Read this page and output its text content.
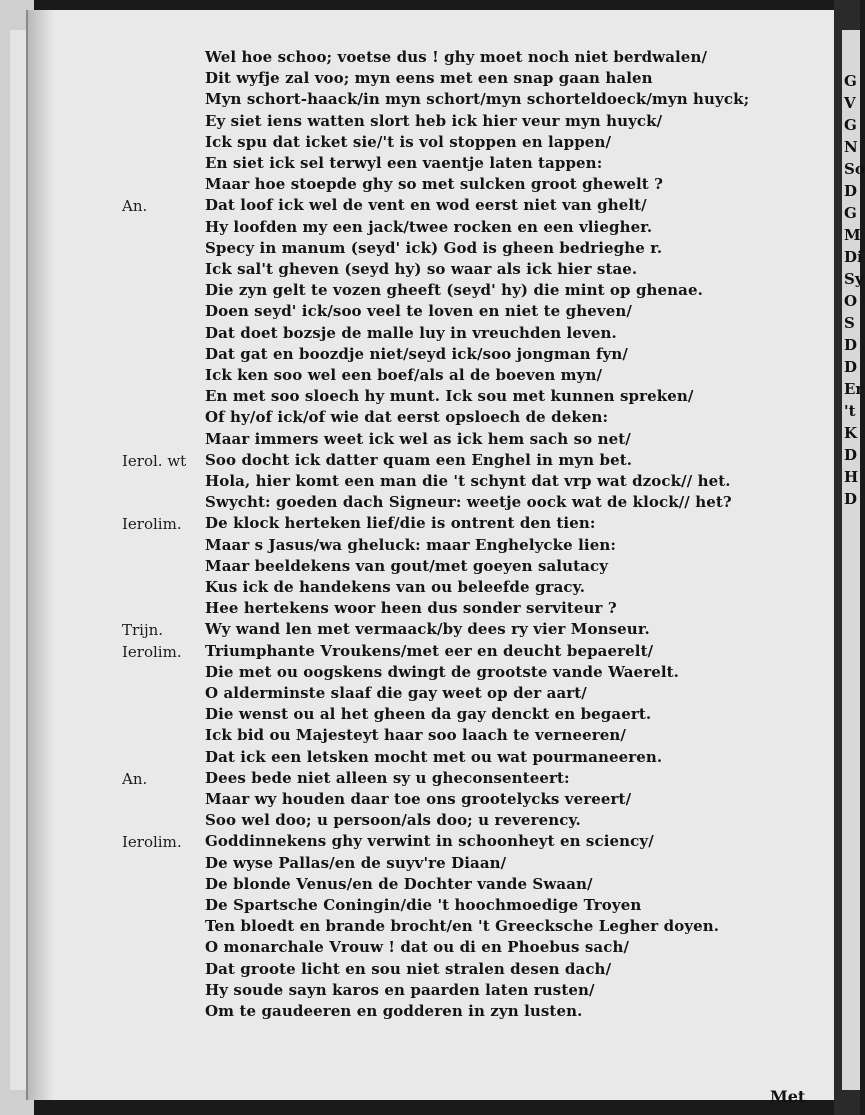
G
V
G
N
So
D
G
M
Di
Sy
O
S
D
D
Er
't
K
D
H
D
Wel hoe schoo; voetse dus ! ghy moet noch niet berdwalen/
Dit wyfje zal voo; myn eens met een snap gaan halen
Myn schort-haack/in myn schort/myn schorteldoeck/myn huyck;
Ey siet iens watten slort heb ick hier veur myn huyck/
Ick spu dat icket sie/'t is vol stoppen en lappen/
En siet ick sel terwyl een vaentje laten tappen:
Maar hoe stoepde ghy so met sulcken groot ghewelt ?
An.	Dat loof ick wel de vent en wod eerst niet van ghelt/
Hy loofden my een jack/twee rocken en een vliegher.
Specy in manum (seyd' ick) God is gheen bedrieghe r.
Ick sal't gheven (seyd hy) so waar als ick hier stae.
Die zyn gelt te vozen gheeft (seyd' hy) die mint op ghenae.
Doen seyd' ick/soo veel te loven en niet te gheven/
Dat doet bozsje de malle luy in vreuchden leven.
Dat gat en boozdje niet/seyd ick/soo jongman fyn/
Ick ken soo wel een boef/als al de boeven myn/
En met soo sloech hy munt. Ick sou met kunnen spreken/
Of hy/of ick/of wie dat eerst opsloech de deken:
Maar immers weet ick wel as ick hem sach so net/
Ierol. wt Soo docht ick datter quam een Enghel in myn bet.
Hola, hier komt een man die 't schynt dat vrp wat dzock// het.
Swycht: goeden dach Signeur: weetje oock wat de klock// het?
Ierolim. De klock herteken lief/die is ontrent den tien:
Maar s Jasus/wa gheluck: maar Enghelycke lien:
Maar beeldekens van gout/met goeyen salutacy
Kus ick de handekens van ou beleefde gracy.
Hee hertekens woor heen dus sonder serviteur ?
Trijn.	Wy wand len met vermaack/by dees ry vier Monseur.
Ierolim. Triumphante Vroukens/met eer en deucht bepaerelt/
Die met ou oogskens dwingt de grootste vande Waerelt.
O alderminste slaaf die gay weet op der aart/
Die wenst ou al het gheen da gay denckt en begaert.
Ick bid ou Majesteyt haar soo laach te verneeren/
Dat ick een letsken mocht met ou wat pourmaneeren.
An.	Dees bede niet alleen sy u gheconsenteert:
Maar wy houden daar toe ons grootelycks vereert/
Soo wel doo; u persoon/als doo; u reverency.
Ierolim. Goddinnekens ghy verwint in schoonheyt en sciency/
De wyse Pallas/en de suyv're Diaan/
De blonde Venus/en de Dochter vande Swaan/
De Spartsche Coningin/die 't hoochmoedige Troyen
Ten bloedt en brande brocht/en 't Greecksche Legher doyen.
O monarchale Vrouw ! dat ou di en Phoebus sach/
Dat groote licht en sou niet stralen desen dach/
Hy soude sayn karos en paarden laten rusten/
Om te gaudeeren en godderen in zyn lusten.
Met
